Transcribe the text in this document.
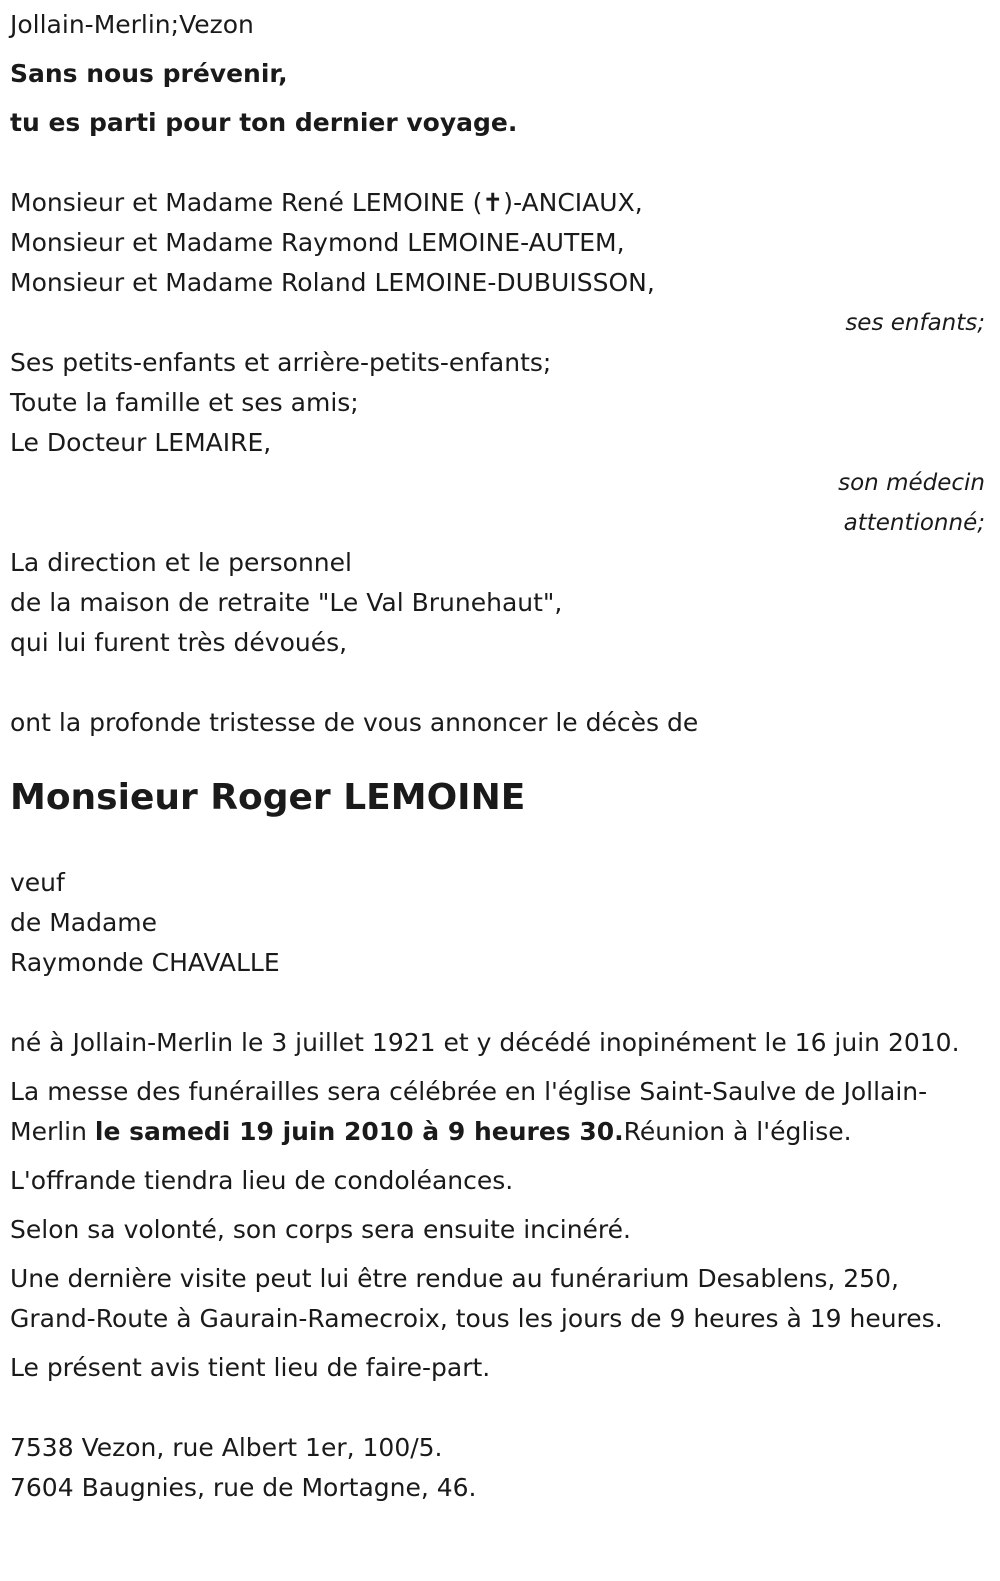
Jollain-Merlin;Vezon
Sans nous prévenir,
tu es parti pour ton dernier voyage.
Monsieur et Madame René LEMOINE (✝)-ANCIAUX,
Monsieur et Madame Raymond LEMOINE-AUTEM,
Monsieur et Madame Roland LEMOINE-DUBUISSON,
ses enfants;
Ses petits-enfants et arrière-petits-enfants;
Toute la famille et ses amis;
Le Docteur LEMAIRE,
son médecin
attentionné;
La direction et le personnel
de la maison de retraite "Le Val Brunehaut",
qui lui furent très dévoués,
ont la profonde tristesse de vous annoncer le décès de
Monsieur Roger LEMOINE
veuf
de Madame
Raymonde CHAVALLE
né à Jollain-Merlin le 3 juillet 1921 et y décédé inopinément le 16 juin 2010.
La messe des funérailles sera célébrée en l'église Saint-Saulve de Jollain-Merlin le samedi 19 juin 2010 à 9 heures 30.Réunion à l'église.
L'offrande tiendra lieu de condoléances.
Selon sa volonté, son corps sera ensuite incinéré.
Une dernière visite peut lui être rendue au funérarium Desablens, 250, Grand-Route à Gaurain-Ramecroix, tous les jours de 9 heures à 19 heures.
Le présent avis tient lieu de faire-part.
7538 Vezon, rue Albert 1er, 100/5.
7604 Baugnies, rue de Mortagne, 46.
